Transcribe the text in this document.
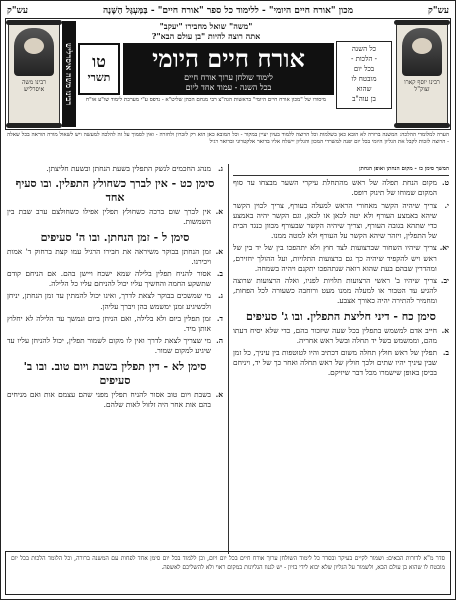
עש"ק
מכון "אורח חיים היומי" - ללימוד כל ספר "אורח חיים" - בַּמַּעְגָּל הַשָּׁנָה
עש"ק
רבינו יוסף קארו זצוק"ל
כל השנה
- הלכות -
בכל יום
מובטח לו
שהוא
בן עוה"ב
"משה" שואל מחבירו "יעקב"
אתה רוצה להיות "בן עולם הבא"?
אורח חיים היומי
לימוד שולחן ערוך אורח חיים
בכל השנה - עמוד אחד ליום
טו
תשרי
מיסודו של "מכון אורח חיים היומי" בראשות הגה"צ רבי מנחם הכהן שליט"א - נדפס ע"י מערכת לימוד שו"ע או"ח
רבינו משה איסרליש
רבינו משה איסרליש
הערה למלומדי ההלכה: המשנה ברורה לא הובא כאן בשלמות וכל הרוצה ללמוד בעיון יעיין במקור - וכל המובא כאן הוא רק לזכרון ולחזרה - ואין לסמוך על זה להלכה למעשה ויש לשאול מורה הוראה בכל שאלה - הרוצה לזכות לקבל את הגליון היומי בכל יום יפנה למשרדי המכון והגליון יישלח אליו בדואר אלקטרוני ובדואר רגיל
המשך סימן כז - מקום הנחתן ואופן הנחתן
ט.
מקום הנחת תפלה של ראש מהתחלת עיקרי השער מבצחו עד סוף המקום שמוחו של תינוק רופס.
י.
צריך שיהיה הקשר מאחורי הראש למעלה בעורף, צריך לכוין הקשר שיהא באמצע העורף ולא יטה לכאן או לכאן, וגם הקשר יהיה באמצע כדי שתהא בגובה העורף, וצריך שיהיה הקשר שבעורף מכוון כנגד הבית של התפלין, ויזהר שיהא הקשר על העורף ולא למטה ממנו.
יא.
צריך שיהיו השחור שברצועות לצד חוץ ולא יתהפכו בין של יד בין של ראש ויש להקפיד שיהיה כך גם ברצועות התלויות, ועל ההולך יחזירם, ומהדרין שבהם בעת שהוא רואה שנתהפכו יתקנם ויהיה בשמחה.
יב.
צריך שיהיו ב' ראשי הרצועות תלויות לפניו, ואלה הרצועות שרוצה להגיע עד הטבור או למעלה ממנו מעט ורוחבה כשעורה לכל הפחות, ומחמיר להתירה יהיה כאורך אצבע.
סימן כח - דיני חליצת התפלין. ובו ג' סעיפים
א.
חייב אדם למשמש בתפלין בכל שעה שיזכור בהם, כדי שלא יסיח דעתו מהם, וממשמש בשל יד תחלה ובשל ראש אחריה.
ב.
תפלין של ראש חולץ תחלה משום דכתיב והיו לטוטפות בין עיניך, כל זמן שבין עיניך יהיו שתים ולכך חולץ של ראש תחלה ואחר כך של יד, ויניחם בכיסן באופן שישמרו מכל דבר שיזיקם.
ג.
מנהג החכמים לנשק התפלין בשעת הנחתן ובשעת חליצתן.
סימן כט - אין לברך כשחולץ התפלין. ובו סעיף אחד
א.
אין לברך שום ברכה כשחולץ תפלין אפילו כשחולצם ערב שבת בין השמשות.
סימן ל - זמן הנחתן. ובו ה' סעיפים
א.
זמן הנחתן בבוקר משיראה את חבירו הרגיל עמו קצת ברחוק ד' אמות ויכירנו.
ב.
אסור להניח תפלין בלילה שמא ישכח ויישן בהם. אם הניחם קודם שתשקע החמה והחשיך עליו יכול להניחם עליו כל הלילה.
ג.
מי שמשכים בבוקר לצאת לדרך, ואינו יכול להמתין עד זמן הנחתן, יניחן ולכשיגיע זמנן ימשמש בהן ויברך עליהן.
ד.
זמן תפלין ביום ולא בלילה, ואם הניחן ביום ונמשך עד הלילה לא יחלוץ אותן מיד.
ה.
מי שצריך לצאת לדרך ואין לו מקום לשמור תפלין, יכול להניחן עליו עד שיגיע למקום שמור.
סימן לא - דין תפלין בשבת ויום טוב. ובו ב' סעיפים
א.
בשבת ויום טוב אסור להניח תפלין מפני שהם עצמם אות ואם מניחים בהם אות אחר היה זלזול לאות שלהם.
סדר מ"א לדורות הבאים: ושמור לקיים בעיקר ובסדר כל לימוד השולחן ערוך אורח חיים בכל יום ויום, וכן ללמוד בכל יום סימן אחד לפחות עם המשנה ברורה, וכל הלומד הלכות בכל יום מובטח לו שהוא בן עולם הבא, ולשמור על הגליון שלא יבוא לידי בזיון - יש לגנוז הגליונות במקום ראוי ולא להשליכם לאשפה.
